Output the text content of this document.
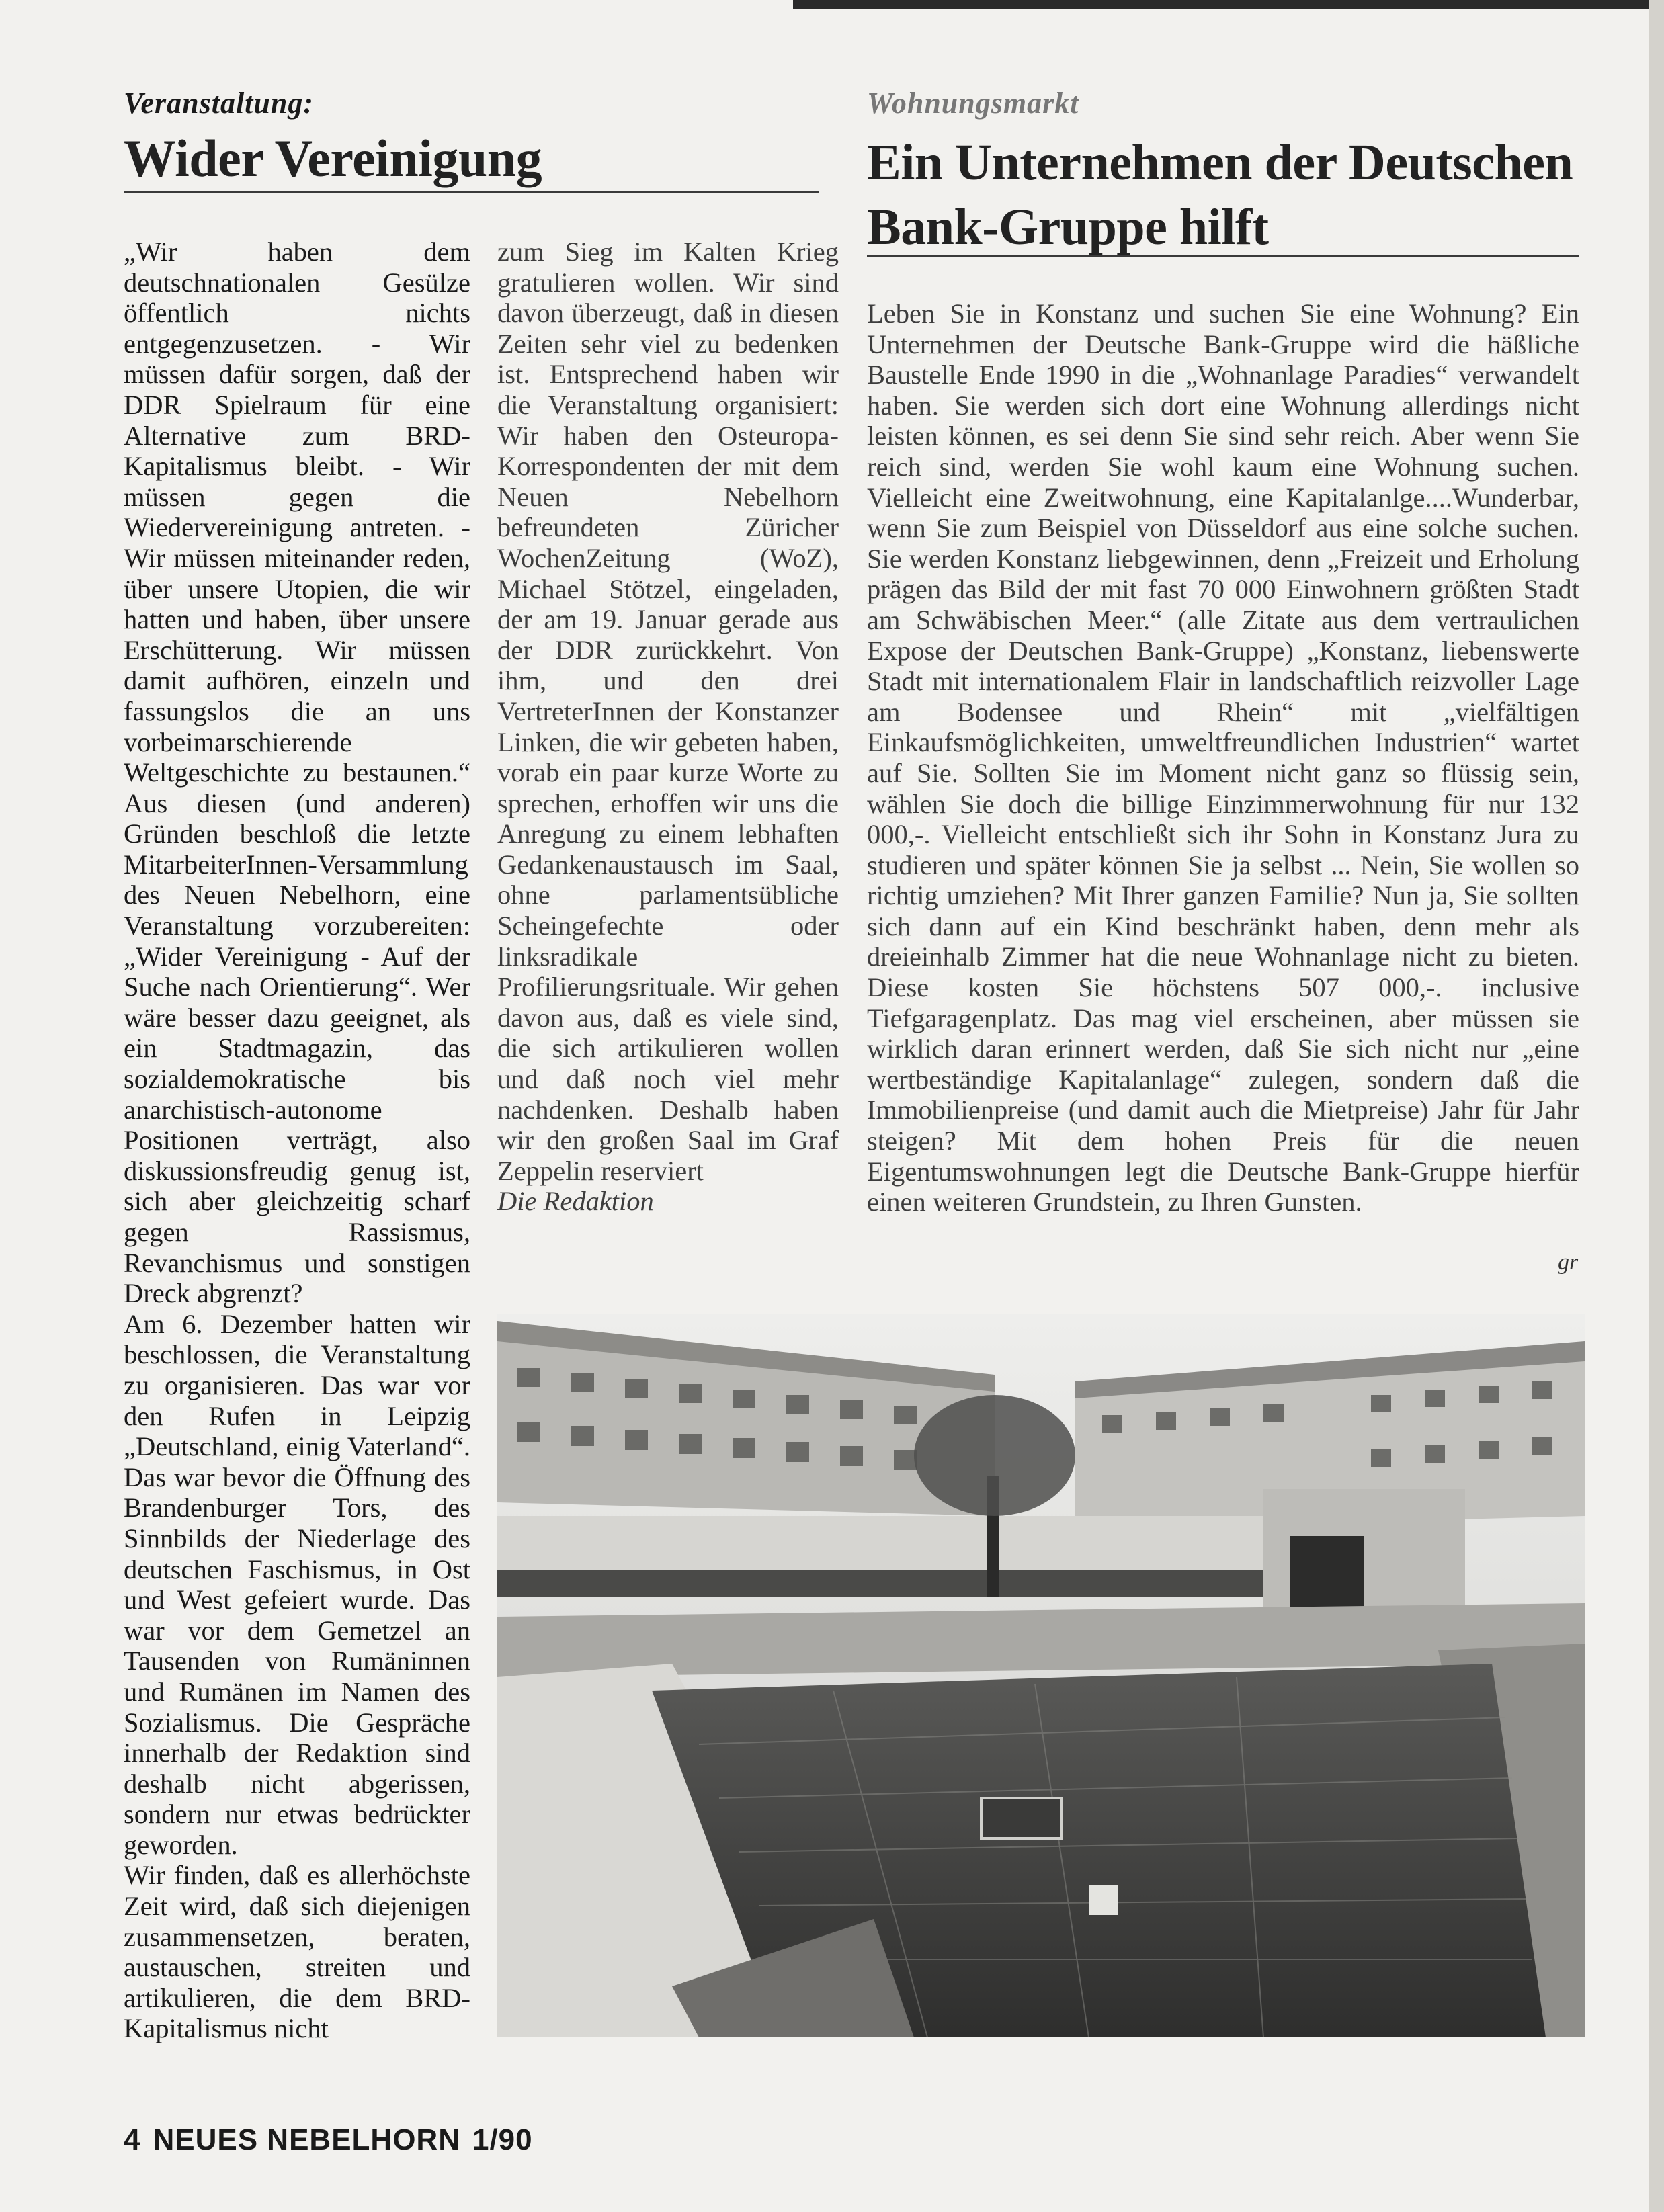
Veranstaltung:
Wider Vereinigung

„Wir haben dem deutschnationalen Gesülze öffentlich nichts entgegenzusetzen. - Wir müssen dafür sorgen, daß der DDR Spielraum für eine Alternative zum BRD-Kapitalismus bleibt. - Wir müssen gegen die Wiedervereinigung antreten. - Wir müssen miteinander reden, über unsere Utopien, die wir hatten und haben, über unsere Erschütterung. Wir müssen damit aufhören, einzeln und fassungslos die an uns vorbeimarschierende Weltgeschichte zu bestaunen.“ Aus diesen (und anderen) Gründen beschloß die letzte MitarbeiterInnen-Versammlung des Neuen Nebelhorn, eine Veranstaltung vorzubereiten: „Wider Vereinigung - Auf der Suche nach Orientierung“. Wer wäre besser dazu geeignet, als ein Stadtmagazin, das sozialdemokratische bis anarchistisch-autonome Positionen verträgt, also diskussionsfreudig genug ist, sich aber gleichzeitig scharf gegen Rassismus, Revanchismus und sonstigen Dreck abgrenzt?

Am 6. Dezember hatten wir beschlossen, die Veranstaltung zu organisieren. Das war vor den Rufen in Leipzig „Deutschland, einig Vaterland“. Das war bevor die Öffnung des Brandenburger Tors, des Sinnbilds der Niederlage des deutschen Faschismus, in Ost und West gefeiert wurde. Das war vor dem Gemetzel an Tausenden von Rumäninnen und Rumänen im Namen des Sozialismus. Die Gespräche innerhalb der Redaktion sind deshalb nicht abgerissen, sondern nur etwas bedrückter geworden.

Wir finden, daß es allerhöchste Zeit wird, daß sich diejenigen zusammensetzen, beraten, austauschen, streiten und artikulieren, die dem BRD-Kapitalismus nicht

zum Sieg im Kalten Krieg gratulieren wollen. Wir sind davon überzeugt, daß in diesen Zeiten sehr viel zu bedenken ist. Entsprechend haben wir die Veranstaltung organisiert: Wir haben den Osteuropa-Korrespondenten der mit dem Neuen Nebelhorn befreundeten Züricher WochenZeitung (WoZ), Michael Stötzel, eingeladen, der am 19. Januar gerade aus der DDR zurückkehrt. Von ihm, und den drei VertreterInnen der Konstanzer Linken, die wir gebeten haben, vorab ein paar kurze Worte zu sprechen, erhoffen wir uns die Anregung zu einem lebhaften Gedankenaustausch im Saal, ohne parlamentsübliche Scheingefechte oder linksradikale Profilierungsrituale. Wir gehen davon aus, daß es viele sind, die sich artikulieren wollen und daß noch viel mehr nachdenken. Deshalb haben wir den großen Saal im Graf Zeppelin reserviert

Die Redaktion

Wohnungsmarkt
Ein Unternehmen der Deutschen Bank-Gruppe hilft

Leben Sie in Konstanz und suchen Sie eine Wohnung? Ein Unternehmen der Deutsche Bank-Gruppe wird die häßliche Baustelle Ende 1990 in die „Wohnanlage Paradies“ verwandelt haben. Sie werden sich dort eine Wohnung allerdings nicht leisten können, es sei denn Sie sind sehr reich. Aber wenn Sie reich sind, werden Sie wohl kaum eine Wohnung suchen. Vielleicht eine Zweitwohnung, eine Kapitalanlge....Wunderbar, wenn Sie zum Beispiel von Düsseldorf aus eine solche suchen. Sie werden Konstanz liebgewinnen, denn „Freizeit und Erholung prägen das Bild der mit fast 70 000 Einwohnern größten Stadt am Schwäbischen Meer.“ (alle Zitate aus dem vertraulichen Expose der Deutschen Bank-Gruppe) „Konstanz, liebenswerte Stadt mit internationalem Flair in landschaftlich reizvoller Lage am Bodensee und Rhein“ mit „vielfältigen Einkaufsmöglichkeiten, umweltfreundlichen Industrien“ wartet auf Sie. Sollten Sie im Moment nicht ganz so flüssig sein, wählen Sie doch die billige Einzimmerwohnung für nur 132 000,-. Vielleicht entschließt sich ihr Sohn in Konstanz Jura zu studieren und später können Sie ja selbst ... Nein, Sie wollen so richtig umziehen? Mit Ihrer ganzen Familie? Nun ja, Sie sollten sich dann auf ein Kind beschränkt haben, denn mehr als dreieinhalb Zimmer hat die neue Wohnanlage nicht zu bieten. Diese kosten Sie höchstens 507 000,-. inclusive Tiefgaragenplatz. Das mag viel erscheinen, aber müssen sie wirklich daran erinnert werden, daß Sie sich nicht nur „eine wertbeständige Kapitalanlage“ zulegen, sondern daß die Immobilienpreise (und damit auch die Mietpreise) Jahr für Jahr steigen? Mit dem hohen Preis für die neuen Eigentumswohnungen legt die Deutsche Bank-Gruppe hierfür einen weiteren Grundstein, zu Ihren Gunsten.

gr
4 NEUES NEBELHORN 1/90
